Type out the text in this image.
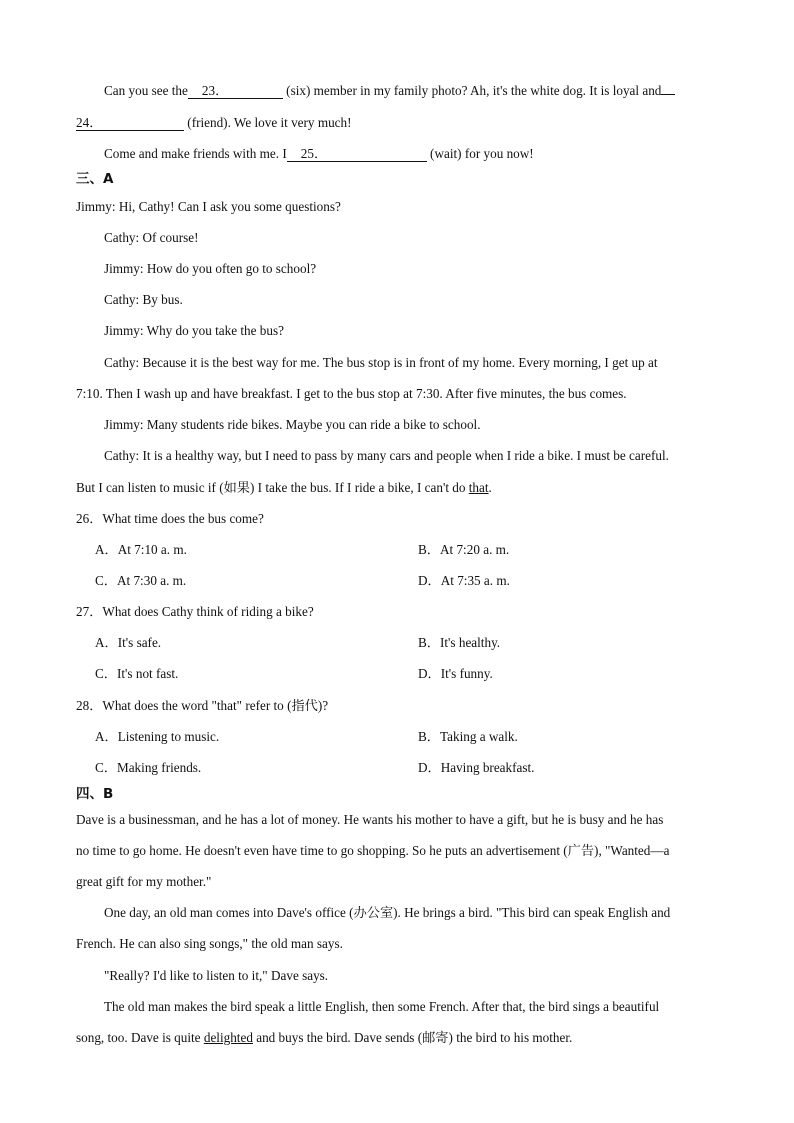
Can you see the 23．	(six) member in my family photo? Ah, it's the white dog. It is loyal and
24．	(friend). We love it very much!
Come and make friends with me. I 25．	(wait) for you now!
三、A
Jimmy: Hi, Cathy! Can I ask you some questions?
Cathy: Of course!
Jimmy: How do you often go to school?
Cathy: By bus.
Jimmy: Why do you take the bus?
Cathy: Because it is the best way for me. The bus stop is in front of my home. Every morning, I get up at
7:10. Then I wash up and have breakfast. I get to the bus stop at 7:30. After five minutes, the bus comes.
Jimmy: Many students ride bikes. Maybe you can ride a bike to school.
Cathy: It is a healthy way, but I need to pass by many cars and people when I ride a bike. I must be careful.
But I can listen to music if (如果) I take the bus. If I ride a bike, I can't do that.
26．What time does the bus come?
A．At 7:10 a. m.	B．At 7:20 a. m.
C．At 7:30 a. m.	D．At 7:35 a. m.
27．What does Cathy think of riding a bike?
A．It's safe.	B．It's healthy.
C．It's not fast.	D．It's funny.
28．What does the word "that" refer to (指代)?
A．Listening to music.	B．Taking a walk.
C．Making friends.	D．Having breakfast.
四、B
Dave is a businessman, and he has a lot of money. He wants his mother to have a gift, but he is busy and he has
no time to go home. He doesn't even have time to go shopping. So he puts an advertisement (广告), "Wanted—a
great gift for my mother."
One day, an old man comes into Dave's office (办公室). He brings a bird. "This bird can speak English and
French. He can also sing songs," the old man says.
"Really? I'd like to listen to it," Dave says.
The old man makes the bird speak a little English, then some French. After that, the bird sings a beautiful
song, too. Dave is quite delighted and buys the bird. Dave sends (邮寄) the bird to his mother.
